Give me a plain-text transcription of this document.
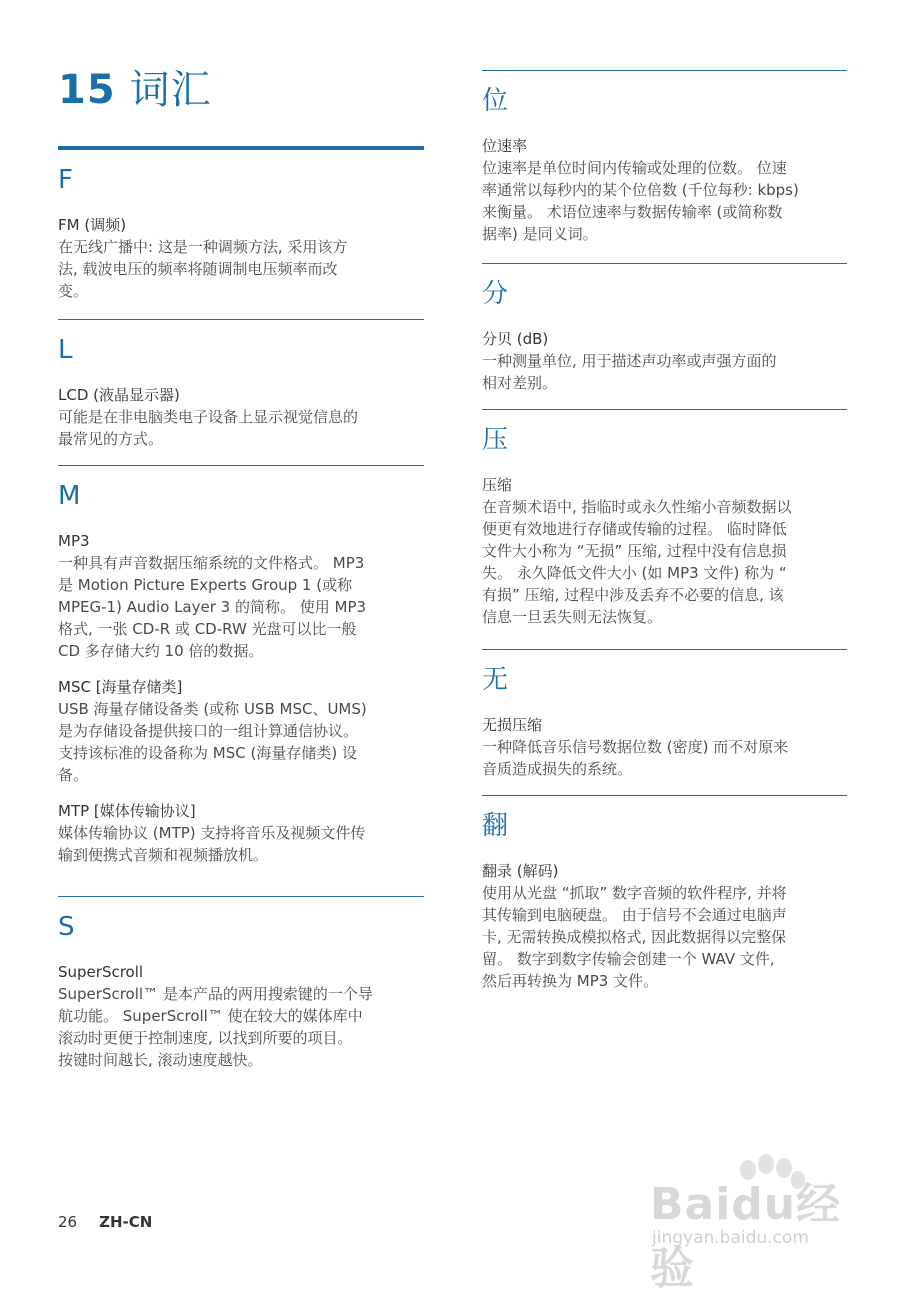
15 词汇
F
FM (调频)

在无线广播中: 这是一种调频方法, 采用该方
法, 载波电压的频率将随调制电压频率而改
变。

L
LCD (液晶显示器)

可能是在非电脑类电子设备上显示视觉信息的
最常见的方式。

M
MP3

一种具有声音数据压缩系统的文件格式。 MP3
是 Motion Picture Experts Group 1 (或称
MPEG-1) Audio Layer 3 的简称。 使用 MP3
格式, 一张 CD-R 或 CD-RW 光盘可以比一般
CD 多存储大约 10 倍的数据。

MSC [海量存储类]

USB 海量存储设备类 (或称 USB MSC、UMS)
是为存储设备提供接口的一组计算通信协议。
支持该标准的设备称为 MSC (海量存储类) 设
备。

MTP [媒体传输协议]

媒体传输协议 (MTP) 支持将音乐及视频文件传
输到便携式音频和视频播放机。

S
SuperScroll

SuperScroll™ 是本产品的两用搜索键的一个导
航功能。 SuperScroll™ 使在较大的媒体库中
滚动时更便于控制速度, 以找到所要的项目。
按键时间越长, 滚动速度越快。

位
位速率

位速率是单位时间内传输或处理的位数。 位速
率通常以每秒内的某个位倍数 (千位每秒: kbps)
来衡量。 术语位速率与数据传输率 (或简称数
据率) 是同义词。

分
分贝 (dB)

一种测量单位, 用于描述声功率或声强方面的
相对差别。

压
压缩

在音频术语中, 指临时或永久性缩小音频数据以
便更有效地进行存储或传输的过程。 临时降低
文件大小称为 “无损” 压缩, 过程中没有信息损
失。 永久降低文件大小 (如 MP3 文件) 称为 “
有损” 压缩, 过程中涉及丢弃不必要的信息, 该
信息一旦丢失则无法恢复。

无
无损压缩

一种降低音乐信号数据位数 (密度) 而不对原来
音质造成损失的系统。

翻
翻录 (解码)

使用从光盘 “抓取” 数字音频的软件程序, 并将
其传输到电脑硬盘。 由于信号不会通过电脑声
卡, 无需转换成模拟格式, 因此数据得以完整保
留。 数字到数字传输会创建一个 WAV 文件,
然后再转换为 MP3 文件。

26 ZH-CN	Baidu经验
jingyan.baidu.com
